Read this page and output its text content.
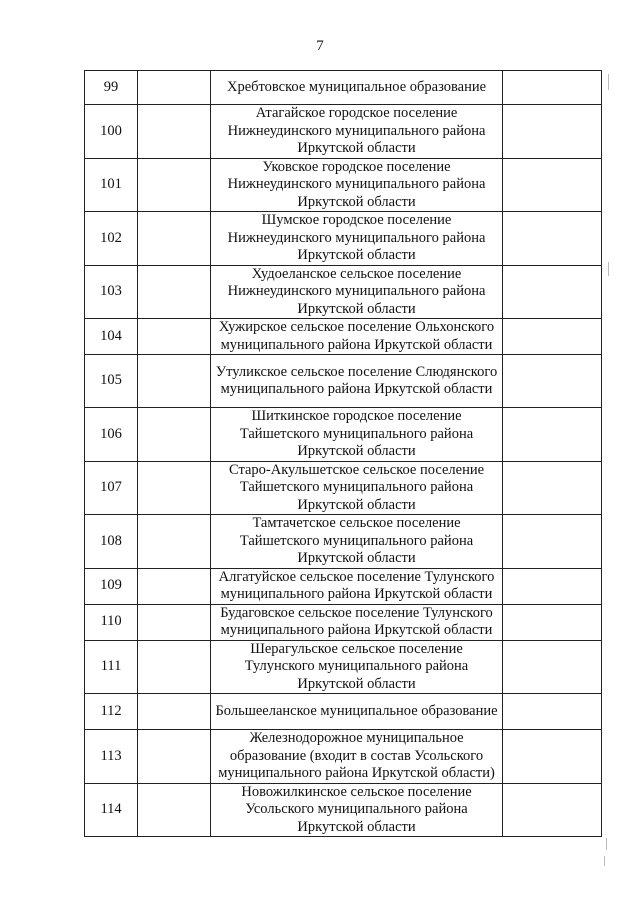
7
99		Хребтовское муниципальное образование	
100		Атагайское городское поселение Нижнеудинского муниципального района Иркутской области	
101		Уковское городское поселение Нижнеудинского муниципального района Иркутской области	
102		Шумское городское поселение Нижнеудинского муниципального района Иркутской области	
103		Худоеланское сельское поселение Нижнеудинского муниципального района Иркутской области	
104		Хужирское сельское поселение Ольхонского муниципального района Иркутской области	
105		Утуликское сельское поселение Слюдянского муниципального района Иркутской области	
106		Шиткинское городское поселение Тайшетского муниципального района Иркутской области	
107		Старо-Акульшетское сельское поселение Тайшетского муниципального района Иркутской области	
108		Тамтачетское сельское поселение Тайшетского муниципального района Иркутской области	
109		Алгатуйское сельское поселение Тулунского муниципального района Иркутской области	
110		Будаговское сельское поселение Тулунского муниципального района Иркутской области	
111		Шерагульское сельское поселение Тулунского муниципального района Иркутской области	
112		Большееланское муниципальное образование	
113		Железнодорожное муниципальное образование (входит в состав Усольского муниципального района Иркутской области)	
114		Новожилкинское сельское поселение Усольского муниципального района Иркутской области	
